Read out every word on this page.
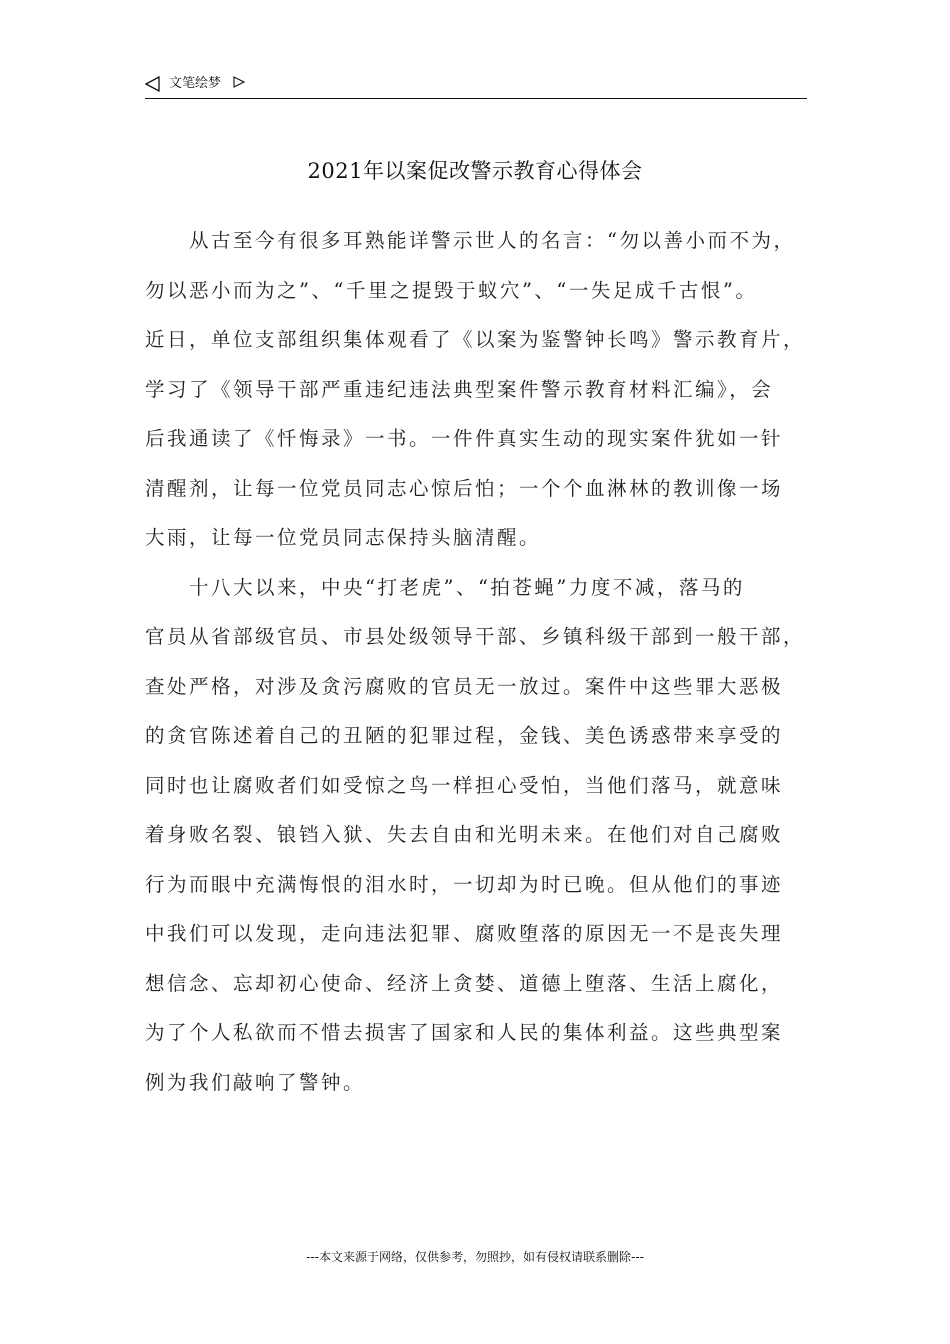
文笔绘梦
2021年以案促改警示教育心得体会
　　从古至今有很多耳熟能详警示世人的名言：“勿以善小而不为，
勿以恶小而为之”、“千里之提毁于蚁穴”、“一失足成千古恨”。
近日，单位支部组织集体观看了《以案为鉴警钟长鸣》警示教育片，
学习了《领导干部严重违纪违法典型案件警示教育材料汇编》，会
后我通读了《忏悔录》一书。一件件真实生动的现实案件犹如一针
清醒剂，让每一位党员同志心惊后怕；一个个血淋林的教训像一场
大雨，让每一位党员同志保持头脑清醒。
　　十八大以来，中央“打老虎”、“拍苍蝇”力度不减，落马的
官员从省部级官员、市县处级领导干部、乡镇科级干部到一般干部，
查处严格，对涉及贪污腐败的官员无一放过。案件中这些罪大恶极
的贪官陈述着自己的丑陋的犯罪过程，金钱、美色诱惑带来享受的
同时也让腐败者们如受惊之鸟一样担心受怕，当他们落马，就意味
着身败名裂、锒铛入狱、失去自由和光明未来。在他们对自己腐败
行为而眼中充满悔恨的泪水时，一切却为时已晚。但从他们的事迹
中我们可以发现，走向违法犯罪、腐败堕落的原因无一不是丧失理
想信念、忘却初心使命、经济上贪婪、道德上堕落、生活上腐化，
为了个人私欲而不惜去损害了国家和人民的集体利益。这些典型案
例为我们敲响了警钟。
---本文来源于网络，仅供参考，勿照抄，如有侵权请联系删除---
